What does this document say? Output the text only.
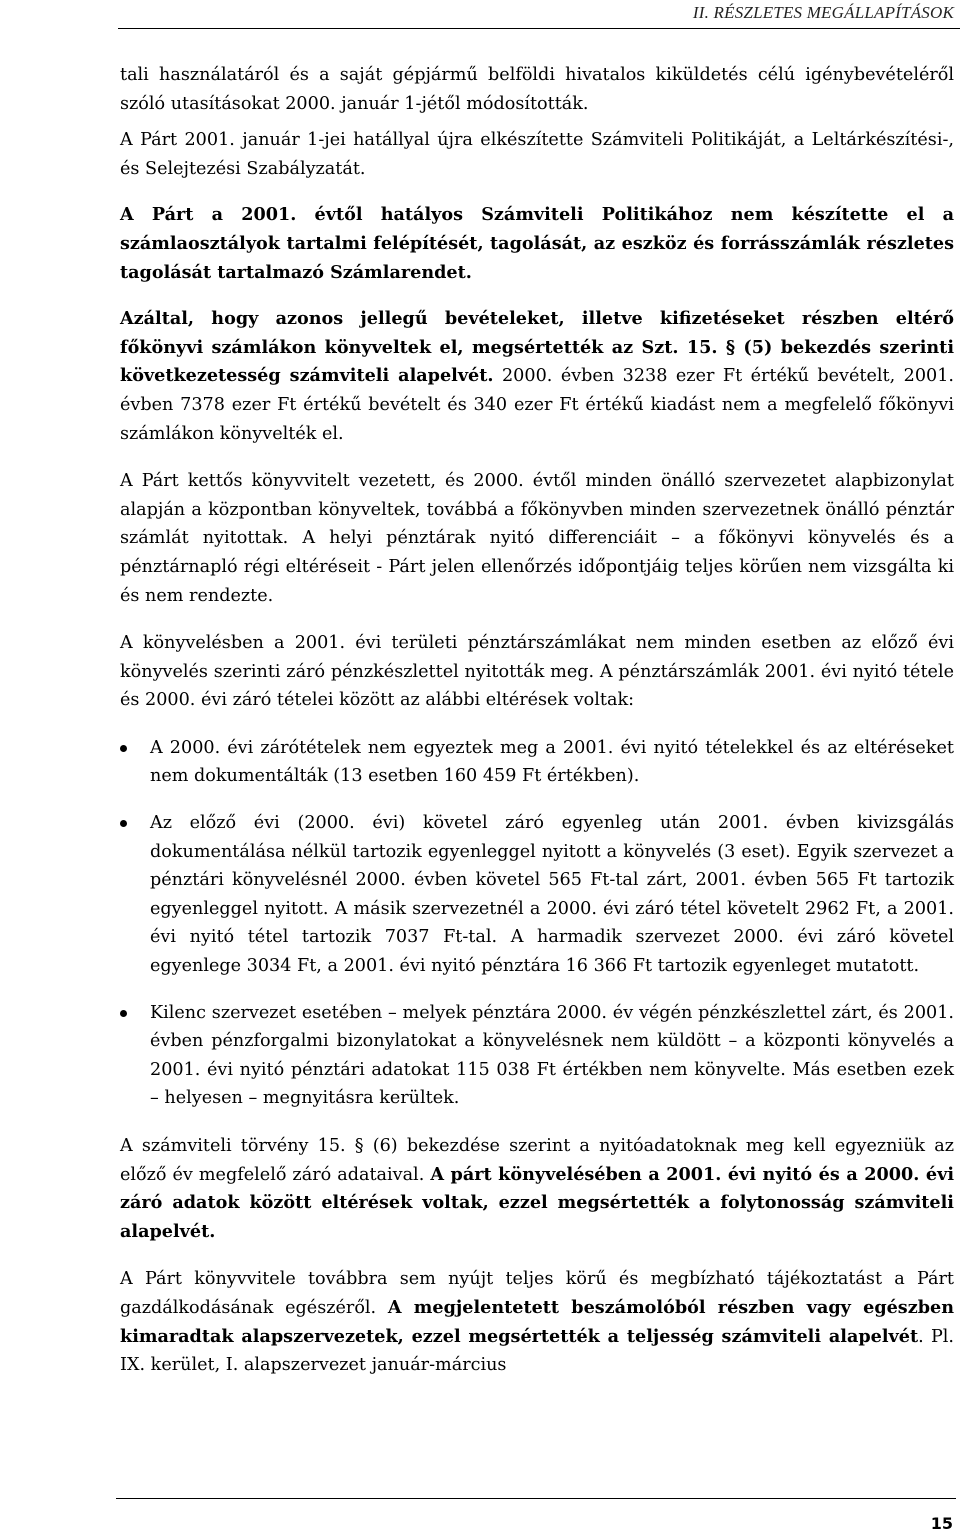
II. RÉSZLETES MEGÁLLAPÍTÁSOK

tali használatáról és a saját gépjármű belföldi hivatalos kiküldetés célú igénybevételéről szóló utasításokat 2000. január 1-jétől módosították.

A Párt 2001. január 1-jei hatállyal újra elkészítette Számviteli Politikáját, a Leltárkészítési-, és Selejtezési Szabályzatát.

A Párt a 2001. évtől hatályos Számviteli Politikához nem készítette el a számlaosztályok tartalmi felépítését, tagolását, az eszköz és forrásszámlák részletes tagolását tartalmazó Számlarendet.

Azáltal, hogy azonos jellegű bevételeket, illetve kifizetéseket részben eltérő főkönyvi számlákon könyveltek el, megsértették az Szt. 15. § (5) bekezdés szerinti következetesség számviteli alapelvét. 2000. évben 3238 ezer Ft értékű bevételt, 2001. évben 7378 ezer Ft értékű bevételt és 340 ezer Ft értékű kiadást nem a megfelelő főkönyvi számlákon könyvelték el.

A Párt kettős könyvvitelt vezetett, és 2000. évtől minden önálló szervezetet alapbizonylat alapján a központban könyveltek, továbbá a főkönyvben minden szervezetnek önálló pénztár számlát nyitottak. A helyi pénztárak nyitó differenciáit – a főkönyvi könyvelés és a pénztárnapló régi eltéréseit - Párt jelen ellenőrzés időpontjáig teljes körűen nem vizsgálta ki és nem rendezte.

A könyvelésben a 2001. évi területi pénztárszámlákat nem minden esetben az előző évi könyvelés szerinti záró pénzkészlettel nyitották meg. A pénztárszámlák 2001. évi nyitó tétele és 2000. évi záró tételei között az alábbi eltérések voltak:

A 2000. évi zárótételek nem egyeztek meg a 2001. évi nyitó tételekkel és az eltéréseket nem dokumentálták (13 esetben 160 459 Ft értékben).
Az előző évi (2000. évi) követel záró egyenleg után 2001. évben kivizsgálás dokumentálása nélkül tartozik egyenleggel nyitott a könyvelés (3 eset). Egyik szervezet a pénztári könyvelésnél 2000. évben követel 565 Ft-tal zárt, 2001. évben 565 Ft tartozik egyenleggel nyitott. A másik szervezetnél a 2000. évi záró tétel követelt 2962 Ft, a 2001. évi nyitó tétel tartozik 7037 Ft-tal. A harmadik szervezet 2000. évi záró követel egyenlege 3034 Ft, a 2001. évi nyitó pénztára 16 366 Ft tartozik egyenleget mutatott.
Kilenc szervezet esetében – melyek pénztára 2000. év végén pénzkészlettel zárt, és 2001. évben pénzforgalmi bizonylatokat a könyvelésnek nem küldött – a központi könyvelés a 2001. évi nyitó pénztári adatokat 115 038 Ft értékben nem könyvelte. Más esetben ezek – helyesen – megnyitásra kerültek.

A számviteli törvény 15. § (6) bekezdése szerint a nyitóadatoknak meg kell egyezniük az előző év megfelelő záró adataival. A párt könyvelésében a 2001. évi nyitó és a 2000. évi záró adatok között eltérések voltak, ezzel megsértették a folytonosság számviteli alapelvét.

A Párt könyvvitele továbbra sem nyújt teljes körű és megbízható tájékoztatást a Párt gazdálkodásának egészéről. A megjelentetett beszámolóból részben vagy egészben kimaradtak alapszervezetek, ezzel megsértették a teljesség számviteli alapelvét. Pl. IX. kerület, I. alapszervezet január-március

15
